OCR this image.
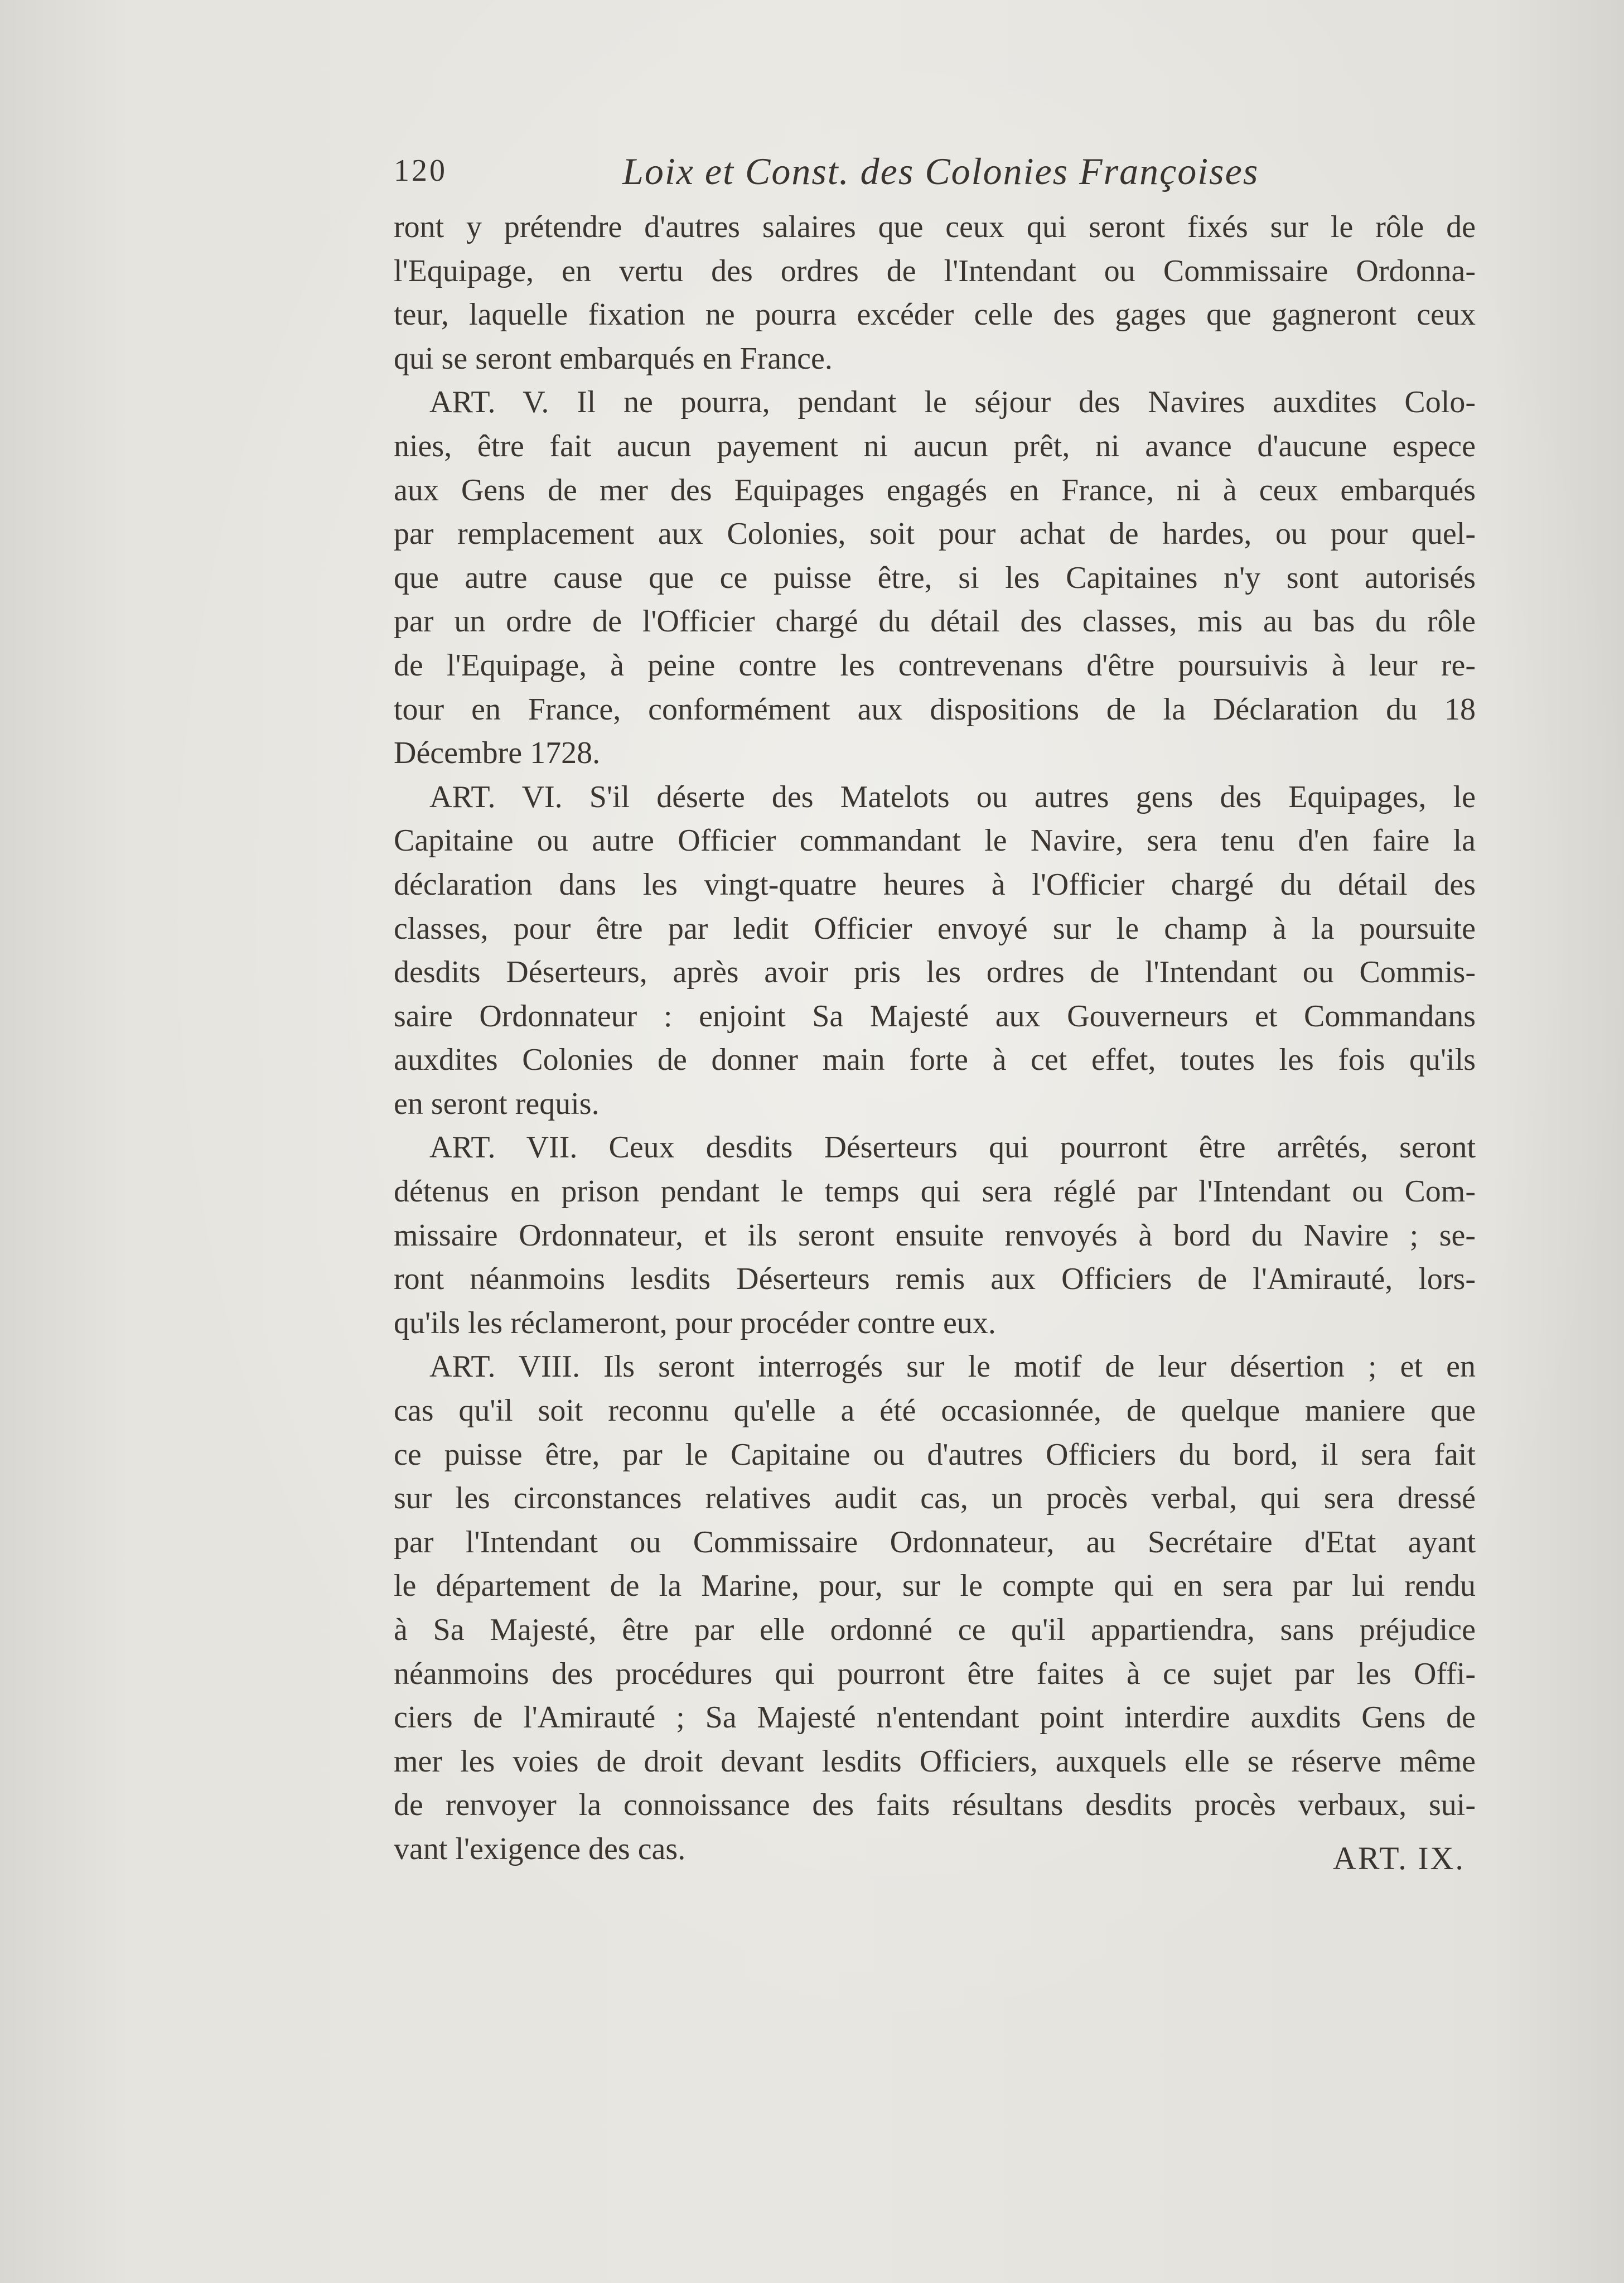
120	Loix et Const. des Colonies Françoises
ront y prétendre d'autres salaires que ceux qui seront fixés sur le rôle de
l'Equipage, en vertu des ordres de l'Intendant ou Commissaire Ordonna-
teur, laquelle fixation ne pourra excéder celle des gages que gagneront ceux
qui se seront embarqués en France.
ART. V. Il ne pourra, pendant le séjour des Navires auxdites Colo-
nies, être fait aucun payement ni aucun prêt, ni avance d'aucune espece
aux Gens de mer des Equipages engagés en France, ni à ceux embarqués
par remplacement aux Colonies, soit pour achat de hardes, ou pour quel-
que autre cause que ce puisse être, si les Capitaines n'y sont autorisés
par un ordre de l'Officier chargé du détail des classes, mis au bas du rôle
de l'Equipage, à peine contre les contrevenans d'être poursuivis à leur re-
tour en France, conformément aux dispositions de la Déclaration du 18
Décembre 1728.
ART. VI. S'il déserte des Matelots ou autres gens des Equipages, le
Capitaine ou autre Officier commandant le Navire, sera tenu d'en faire la
déclaration dans les vingt-quatre heures à l'Officier chargé du détail des
classes, pour être par ledit Officier envoyé sur le champ à la poursuite
desdits Déserteurs, après avoir pris les ordres de l'Intendant ou Commis-
saire Ordonnateur : enjoint Sa Majesté aux Gouverneurs et Commandans
auxdites Colonies de donner main forte à cet effet, toutes les fois qu'ils
en seront requis.
ART. VII. Ceux desdits Déserteurs qui pourront être arrêtés, seront
détenus en prison pendant le temps qui sera réglé par l'Intendant ou Com-
missaire Ordonnateur, et ils seront ensuite renvoyés à bord du Navire ; se-
ront néanmoins lesdits Déserteurs remis aux Officiers de l'Amirauté, lors-
qu'ils les réclameront, pour procéder contre eux.
ART. VIII. Ils seront interrogés sur le motif de leur désertion ; et en
cas qu'il soit reconnu qu'elle a été occasionnée, de quelque maniere que
ce puisse être, par le Capitaine ou d'autres Officiers du bord, il sera fait
sur les circonstances relatives audit cas, un procès verbal, qui sera dressé
par l'Intendant ou Commissaire Ordonnateur, au Secrétaire d'Etat ayant
le département de la Marine, pour, sur le compte qui en sera par lui rendu
à Sa Majesté, être par elle ordonné ce qu'il appartiendra, sans préjudice
néanmoins des procédures qui pourront être faites à ce sujet par les Offi-
ciers de l'Amirauté ; Sa Majesté n'entendant point interdire auxdits Gens de
mer les voies de droit devant lesdits Officiers, auxquels elle se réserve même
de renvoyer la connoissance des faits résultans desdits procès verbaux, sui-
vant l'exigence des cas.	ART. IX.
